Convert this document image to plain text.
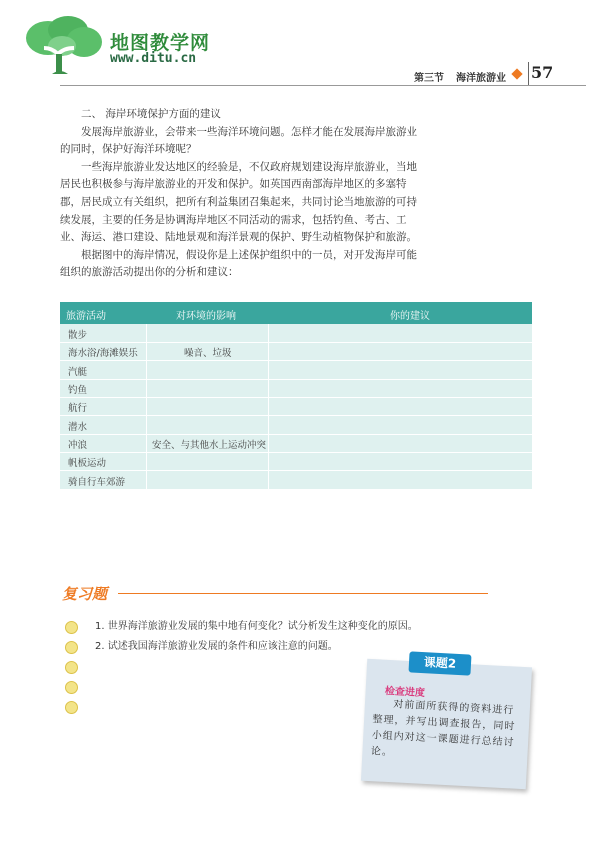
地图教学网
www.ditu.cn
第三节 海洋旅游业 57

二、 海岸环境保护方面的建议

发展海岸旅游业，会带来一些海洋环境问题。怎样才能在发展海岸旅游业的同时，保护好海洋环境呢？

一些海岸旅游业发达地区的经验是，不仅政府规划建设海岸旅游业，当地居民也积极参与海岸旅游业的开发和保护。如英国西南部海岸地区的多塞特郡，居民成立有关组织，把所有利益集团召集起来，共同讨论当地旅游的可持续发展，主要的任务是协调海岸地区不同活动的需求，包括钓鱼、考古、工业、海运、港口建设、陆地景观和海洋景观的保护、野生动植物保护和旅游。

根据图中的海岸情况，假设你是上述保护组织中的一员，对开发海岸可能组织的旅游活动提出你的分析和建议：

旅游活动	对环境的影响	你的建议
散步
海水浴/海滩娱乐	噪音、垃圾
汽艇
钓鱼
航行
潜水
冲浪	安全、与其他水上运动冲突
帆板运动
骑自行车郊游
复习题
1. 世界海洋旅游业发展的集中地有何变化？试分析发生这种变化的原因。
2. 试述我国海洋旅游业发展的条件和应该注意的问题。
课题2
检查进度

对前面所获得的资料进行整理，并写出调查报告，同时小组内对这一课题进行总结讨论。
